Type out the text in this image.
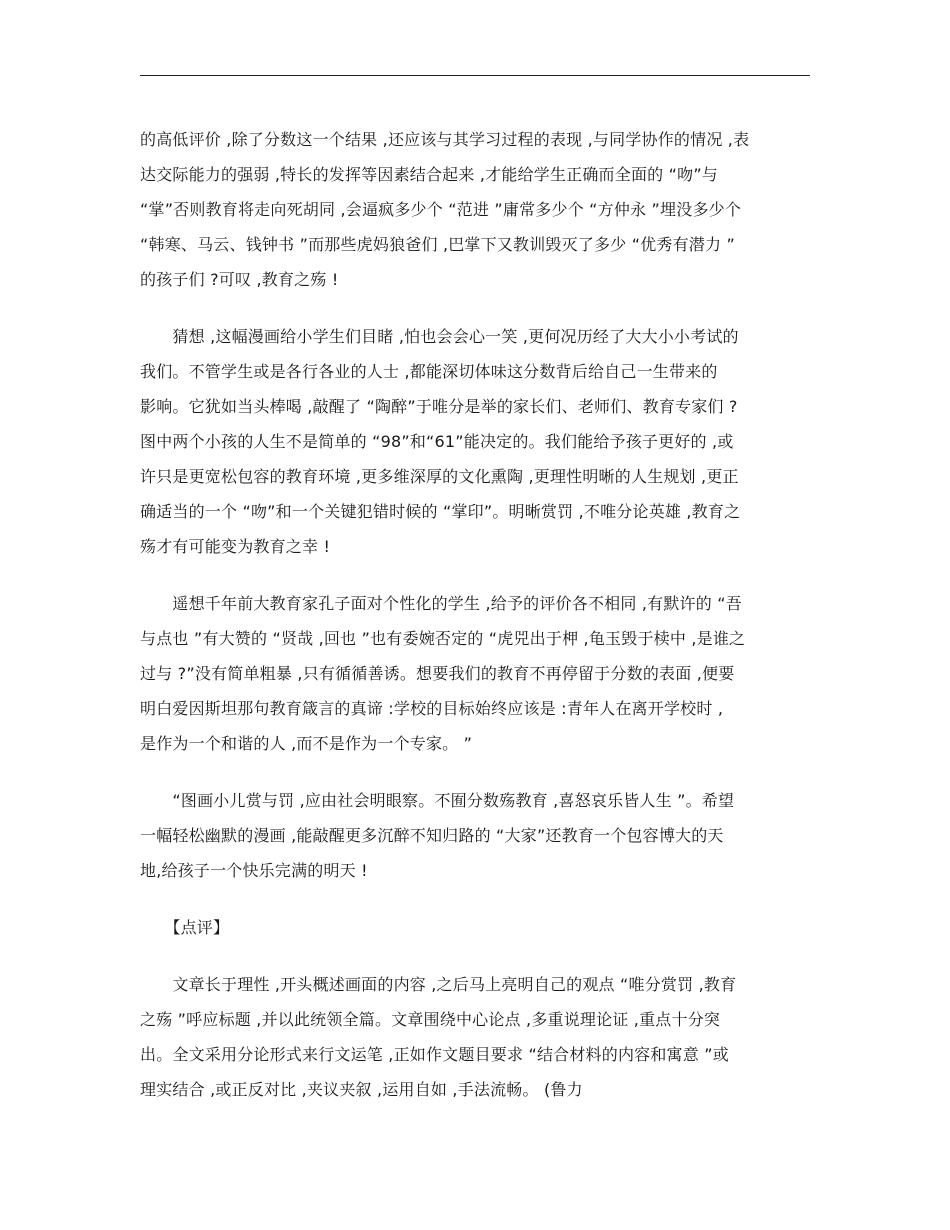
的高低评价 ,除了分数这一个结果 ,还应该与其学习过程的表现 ,与同学协作的情况 ,表
达交际能力的强弱 ,特长的发挥等因素结合起来 ,才能给学生正确而全面的 “吻”与
“掌”否则教育将走向死胡同 ,会逼疯多少个 “范进 ”庸常多少个 “方仲永 ”埋没多少个
“韩寒、马云、钱钟书 ”而那些虎妈狼爸们 ,巴掌下又教训毁灭了多少 “优秀有潜力 ”
的孩子们 ?可叹 ,教育之殇 !

　　猜想 ,这幅漫画给小学生们目睹 ,怕也会会心一笑 ,更何况历经了大大小小考试的
我们。不管学生或是各行各业的人士 ,都能深切体味这分数背后给自己一生带来的
影响。它犹如当头棒喝 ,敲醒了 “陶醉”于唯分是举的家长们、老师们、教育专家们 ?
图中两个小孩的人生不是简单的 “98”和“61”能决定的。我们能给予孩子更好的 ,或
许只是更宽松包容的教育环境 ,更多维深厚的文化熏陶 ,更理性明晰的人生规划 ,更正
确适当的一个 “吻”和一个关键犯错时候的 “掌印”。明晰赏罚 ,不唯分论英雄 ,教育之
殇才有可能变为教育之幸 !

　　遥想千年前大教育家孔子面对个性化的学生 ,给予的评价各不相同 ,有默许的 “吾
与点也 ”有大赞的 “贤哉 ,回也 ”也有委婉否定的 “虎兕出于柙 ,龟玉毁于椟中 ,是谁之
过与 ?”没有简单粗暴 ,只有循循善诱。想要我们的教育不再停留于分数的表面 ,便要
明白爱因斯坦那句教育箴言的真谛 :学校的目标始终应该是 :青年人在离开学校时 ,
是作为一个和谐的人 ,而不是作为一个专家。 ”

　　“图画小儿赏与罚 ,应由社会明眼察。不囿分数殇教育 ,喜怒哀乐皆人生 ”。希望
一幅轻松幽默的漫画 ,能敲醒更多沉醉不知归路的 “大家”还教育一个包容博大的天
地,给孩子一个快乐完满的明天 !

　　【点评】

　　文章长于理性 ,开头概述画面的内容 ,之后马上亮明自己的观点 “唯分赏罚 ,教育
之殇 ”呼应标题 ,并以此统领全篇。文章围绕中心论点 ,多重说理论证 ,重点十分突
出。全文采用分论形式来行文运笔 ,正如作文题目要求 “结合材料的内容和寓意 ”或
理实结合 ,或正反对比 ,夹议夹叙 ,运用自如 ,手法流畅。 (鲁力
